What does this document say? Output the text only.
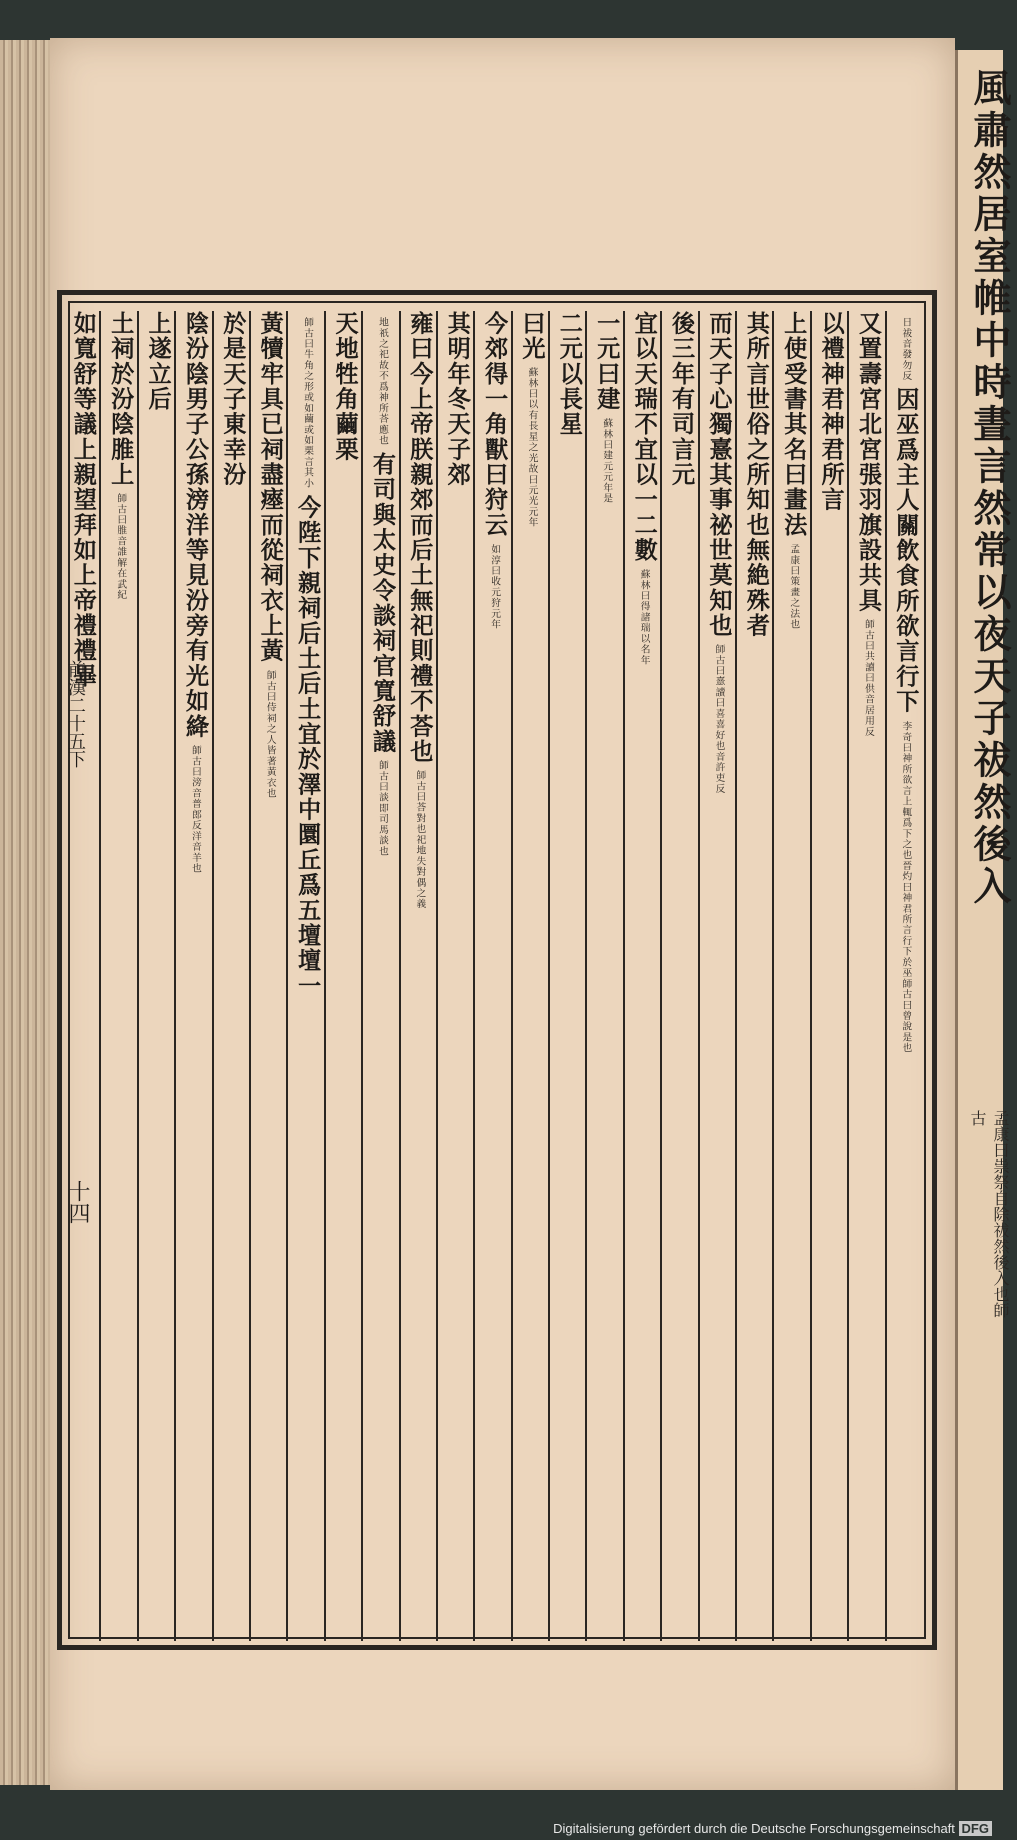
風肅然居室帷中時晝言然常以夜天子祓然後入
孟康曰祟祭自除祓然後入也師古
日祓音發勿反
因巫爲主人關飲食所欲言行下
李奇曰神所欲言上輒爲下之也晉灼曰神君所言行下於巫師古曰曾說是也
又置壽宮北宮張羽旗設共具
師古曰共讀曰供音居用反
以禮神君神君所言
上使受書其名曰畫法
孟康曰策畫之法也
其所言世俗之所知也無絶殊者
而天子心獨憙其事祕世莫知也
師古曰憙讀曰喜喜好也音許吏反
後三年有司言元
宜以天瑞不宜以一二數
蘇林曰得諸瑞以名年
一元曰建
蘇林曰建元元年是
二元以長星
曰光
蘇林曰以有長星之光故曰元光元年
今郊得一角獸曰狩云
如淳曰收元狩元年
其明年冬天子郊
雍曰今上帝朕親郊而后土無祀則禮不荅也
師古曰荅對也祀地失對偶之義
地祇之祀故不爲神所荅應也
有司與太史令談祠官寬舒議
師古曰談即司馬談也
天地牲角繭栗
師古曰牛角之形或如繭或如栗言其小
今陛下親祠后土后土宜於澤中圜丘爲五壇壇一
黃犢牢具已祠盡瘞而從祠衣上黃
師古曰侍祠之人皆著黃衣也
於是天子東幸汾
陰汾陰男子公孫滂洋等見汾旁有光如絳
師古曰滂音普郎反洋音羊也
上遂立后
土祠於汾陰脽上
師古曰脽音誰解在武紀
如寬舒等議上親望拜如上帝禮禮畢
前漢二十五下
十四
Digitalisierung gefördert durch die Deutsche Forschungsgemeinschaft DFG
